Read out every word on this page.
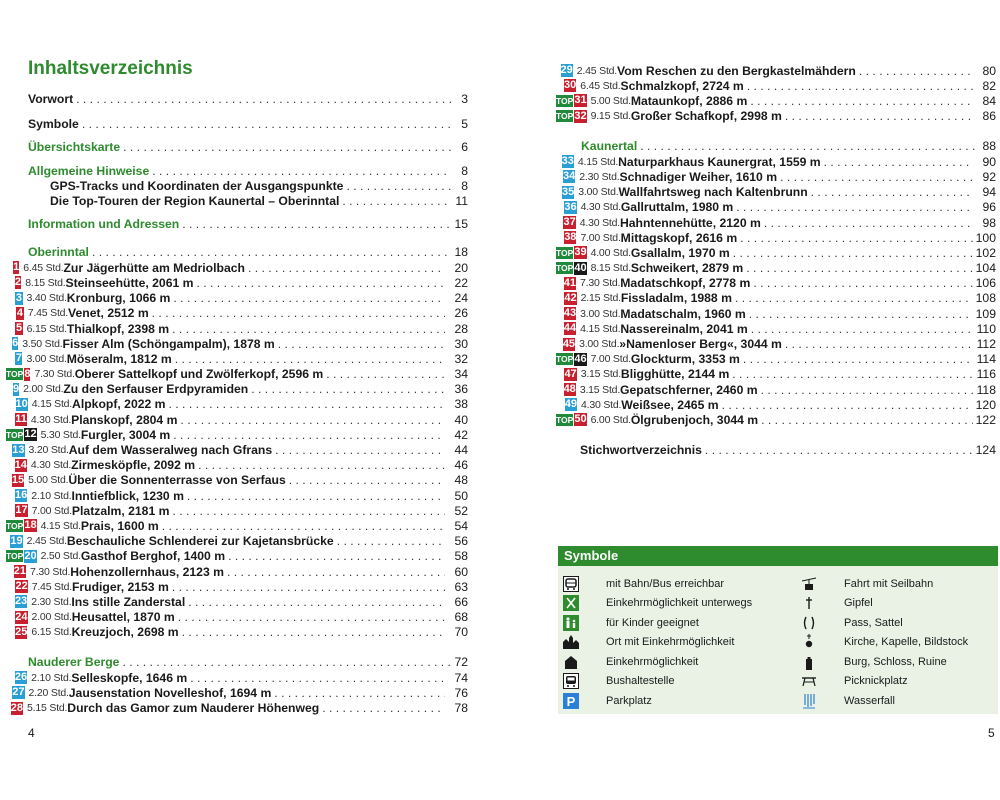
Inhaltsverzeichnis
Vorwort . . .	3
Symbole . . .	5
Übersichtskarte . . .	6
Allgemeine Hinweise . . .	8
GPS-Tracks und Koordinaten der Ausgangspunkte . . .	8
Die Top-Touren der Region Kaunertal – Oberinntal . . .	11
Information und Adressen . . .	15
Oberinntal . . .	18
1 6.45 Std. Zur Jägerhütte am Medriolbach . . .	20
2 8.15 Std. Steinseehütte, 2061 m . . .	22
3 3.40 Std. Kronburg, 1066 m . . .	24
4 7.45 Std. Venet, 2512 m . . .	26
5 6.15 Std. Thialkopf, 2398 m . . .	28
6 3.50 Std. Fisser Alm (Schöngampalm), 1878 m . . .	30
7 3.00 Std. Möseralm, 1812 m . . .	32
TOP 8 7.30 Std. Oberer Sattelkopf und Zwölferkopf, 2596 m . . .	34
9 2.00 Std. Zu den Serfauser Erdpyramiden . . .	36
10 4.15 Std. Alpkopf, 2022 m . . .	38
11 4.30 Std. Planskopf, 2804 m . . .	40
TOP 12 5.30 Std. Furgler, 3004 m . . .	42
13 3.20 Std. Auf dem Wasseralweg nach Gfrans . . .	44
14 4.30 Std. Zirmesköpfle, 2092 m . . .	46
15 5.00 Std. Über die Sonnenterrasse von Serfaus . . .	48
16 2.10 Std. Inntiefblick, 1230 m . . .	50
17 7.00 Std. Platzalm, 2181 m . . .	52
TOP 18 4.15 Std. Prais, 1600 m . . .	54
19 2.45 Std. Beschauliche Schlenderei zur Kajetansbrücke . . .	56
TOP 20 2.50 Std. Gasthof Berghof, 1400 m . . .	58
21 7.30 Std. Hohenzollernhaus, 2123 m . . .	60
22 7.45 Std. Frudiger, 2153 m . . .	63
23 2.30 Std. Ins stille Zanderstal . . .	66
24 2.00 Std. Heusattel, 1870 m . . .	68
25 6.15 Std. Kreuzjoch, 2698 m . . .	70
Nauderer Berge . . .	72
26 2.10 Std. Selleskopfe, 1646 m . . .	74
27 2.20 Std. Jausenstation Novelleshof, 1694 m . . .	76
28 5.15 Std. Durch das Gamor zum Nauderer Höhenweg . . .	78
4
29 2.45 Std. Vom Reschen zu den Bergkastelmähdern . . .	80
30 6.45 Std. Schmalzkopf, 2724 m . . .	82
TOP 31 5.00 Std. Mataunkopf, 2886 m . . .	84
TOP 32 9.15 Std. Großer Schafkopf, 2998 m . . .	86
Kaunertal . . .	88
33 4.15 Std. Naturparkhaus Kaunergrat, 1559 m . . .	90
34 2.30 Std. Schnadiger Weiher, 1610 m . . .	92
35 3.00 Std. Wallfahrtsweg nach Kaltenbrunn . . .	94
36 4.30 Std. Gallruttalm, 1980 m . . .	96
37 4.30 Std. Hahntennehütte, 2120 m . . .	98
38 7.00 Std. Mittagskopf, 2616 m . . .	100
TOP 39 4.00 Std. Gsallalm, 1970 m . . .	102
TOP 40 8.15 Std. Schweikert, 2879 m . . .	104
41 7.30 Std. Madatschkopf, 2778 m . . .	106
42 2.15 Std. Fissladalm, 1988 m . . .	108
43 3.00 Std. Madatschalm, 1960 m . . .	109
44 4.15 Std. Nassereinalm, 2041 m . . .	110
45 3.00 Std. »Namenloser Berg«, 3044 m . . .	112
TOP 46 7.00 Std. Glockturm, 3353 m . . .	114
47 3.15 Std. Bligghütte, 2144 m . . .	116
48 3.15 Std. Gepatschferner, 2460 m . . .	118
49 4.30 Std. Weißsee, 2465 m . . .	120
TOP 50 6.00 Std. Ölgrubenjoch, 3044 m . . .	122
Stichwortverzeichnis . . .	124
5
Symbole
mit Bahn/Bus erreichbar	Fahrt mit Seilbahn
Einkehrmöglichkeit unterwegs	Gipfel
für Kinder geeignet	Pass, Sattel
Ort mit Einkehrmöglichkeit	Kirche, Kapelle, Bildstock
Einkehrmöglichkeit	Burg, Schloss, Ruine
Bushaltestelle	Picknickplatz
P	Parkplatz	Wasserfall
